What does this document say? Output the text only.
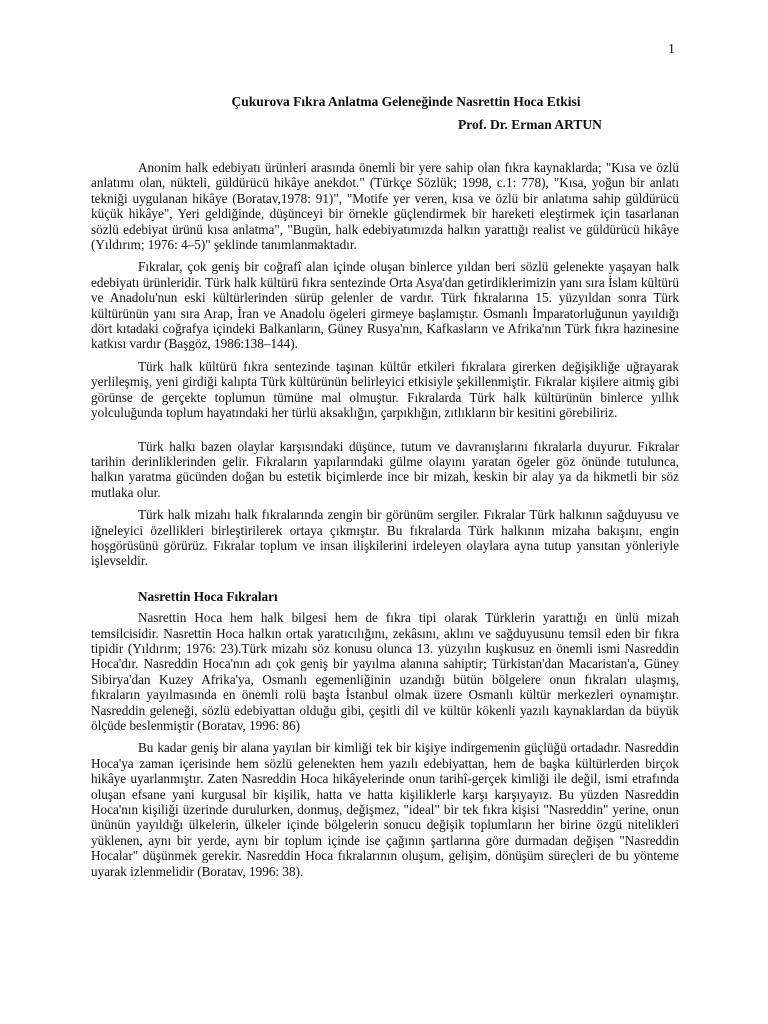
1
Çukurova Fıkra Anlatma Geleneğinde Nasrettin Hoca Etkisi
Prof. Dr. Erman ARTUN

Anonim halk edebiyatı ürünleri arasında önemli bir yere sahip olan fıkra kaynaklarda; "Kısa ve özlü anlatımı olan, nükteli, güldürücü hikâye anekdot." (Türkçe Sözlük; 1998, c.1: 778), "Kısa, yoğun bir anlatı tekniği uygulanan hikâye (Boratav,1978: 91)", "Motife yer veren, kısa ve özlü bir anlatıma sahip güldürücü küçük hikâye", Yeri geldiğinde, düşünceyi bir örnekle güçlendirmek bir hareketi eleştirmek için tasarlanan sözlü edebiyat ürünü kısa anlatma", "Bugün, halk edebiyatımızda halkın yarattığı realist ve güldürücü hikâye (Yıldırım; 1976: 4–5)" şeklinde tanımlanmaktadır.

Fıkralar, çok geniş bir coğrafî alan içinde oluşan binlerce yıldan beri sözlü gelenekte yaşayan halk edebiyatı ürünleridir. Türk halk kültürü fıkra sentezinde Orta Asya'dan getirdiklerimizin yanı sıra İslam kültürü ve Anadolu'nun eski kültürlerinden sürüp gelenler de vardır. Türk fıkralarına 15. yüzyıldan sonra Türk kültürünün yanı sıra Arap, İran ve Anadolu ögeleri girmeye başlamıştır. Osmanlı İmparatorluğunun yayıldığı dört kıtadaki coğrafya içindeki Balkanların, Güney Rusya'nın, Kafkasların ve Afrika'nın Türk fıkra hazinesine katkısı vardır (Başgöz, 1986:138–144).

Türk halk kültürü fıkra sentezinde taşınan kültür etkileri fıkralara girerken değişikliğe uğrayarak yerlileşmiş, yeni girdiği kalıpta Türk kültürünün belirleyici etkisiyle şekillenmiştir. Fıkralar kişilere aitmiş gibi görünse de gerçekte toplumun tümüne mal olmuştur. Fıkralarda Türk halk kültürünün binlerce yıllık yolculuğunda toplum hayatındaki her türlü aksaklığın, çarpıklığın, zıtlıkların bir kesitini görebiliriz.

Türk halkı bazen olaylar karşısındaki düşünce, tutum ve davranışlarını fıkralarla duyurur. Fıkralar tarihin derinliklerinden gelir. Fıkraların yapılarındaki gülme olayını yaratan ögeler göz önünde tutulunca, halkın yaratma gücünden doğan bu estetik biçimlerde ince bir mizah, keskin bir alay ya da hikmetli bir söz mutlaka olur.

Türk halk mizahı halk fıkralarında zengin bir görünüm sergiler. Fıkralar Türk halkının sağduyusu ve iğneleyici özellikleri birleştirilerek ortaya çıkmıştır. Bu fıkralarda Türk halkının mizaha bakışını, engin hoşgörüsünü görürüz. Fıkralar toplum ve insan ilişkilerini irdeleyen olaylara ayna tutup yansıtan yönleriyle işlevseldir.

Nasrettin Hoca Fıkraları

Nasrettin Hoca hem halk bilgesi hem de fıkra tipi olarak Türklerin yarattığı en ünlü mizah temsilcisidir. Nasrettin Hoca halkın ortak yaratıcılığını, zekâsını, aklını ve sağduyusunu temsil eden bir fıkra tipidir (Yıldırım; 1976: 23).Türk mizahı söz konusu olunca 13. yüzyılın kuşkusuz en önemli ismi Nasreddin Hoca'dır. Nasreddin Hoca'nın adı çok geniş bir yayılma alanına sahiptir; Türkistan'dan Macaristan'a, Güney Sibirya'dan Kuzey Afrika'ya, Osmanlı egemenliğinin uzandığı bütün bölgelere onun fıkraları ulaşmış, fıkraların yayılmasında en önemli rolü başta İstanbul olmak üzere Osmanlı kültür merkezleri oynamıştır. Nasreddin geleneği, sözlü edebiyattan olduğu gibi, çeşitli dil ve kültür kökenli yazılı kaynaklardan da büyük ölçüde beslenmiştir (Boratav, 1996: 86)

Bu kadar geniş bir alana yayılan bir kimliği tek bir kişiye indirgemenin güçlüğü ortadadır. Nasreddin Hoca'ya zaman içerisinde hem sözlü gelenekten hem yazılı edebiyattan, hem de başka kültürlerden birçok hikâye uyarlanmıştır. Zaten Nasreddin Hoca hikâyelerinde onun tarihî-gerçek kimliği ile değil, ismi etrafında oluşan efsane yani kurgusal bir kişilik, hatta ve hatta kişiliklerle karşı karşıyayız. Bu yüzden Nasreddin Hoca'nın kişiliği üzerinde durulurken, donmuş, değişmez, "ideal" bir tek fıkra kişisi "Nasreddin" yerine, onun ününün yayıldığı ülkelerin, ülkeler içinde bölgelerin sonucu değişik toplumların her birine özgü nitelikleri yüklenen, aynı bir yerde, aynı bir toplum içinde ise çağının şartlarına göre durmadan değişen "Nasreddin Hocalar" düşünmek gerekir. Nasreddin Hoca fıkralarının oluşum, gelişim, dönüşüm süreçleri de bu yönteme uyarak izlenmelidir (Boratav, 1996: 38).
